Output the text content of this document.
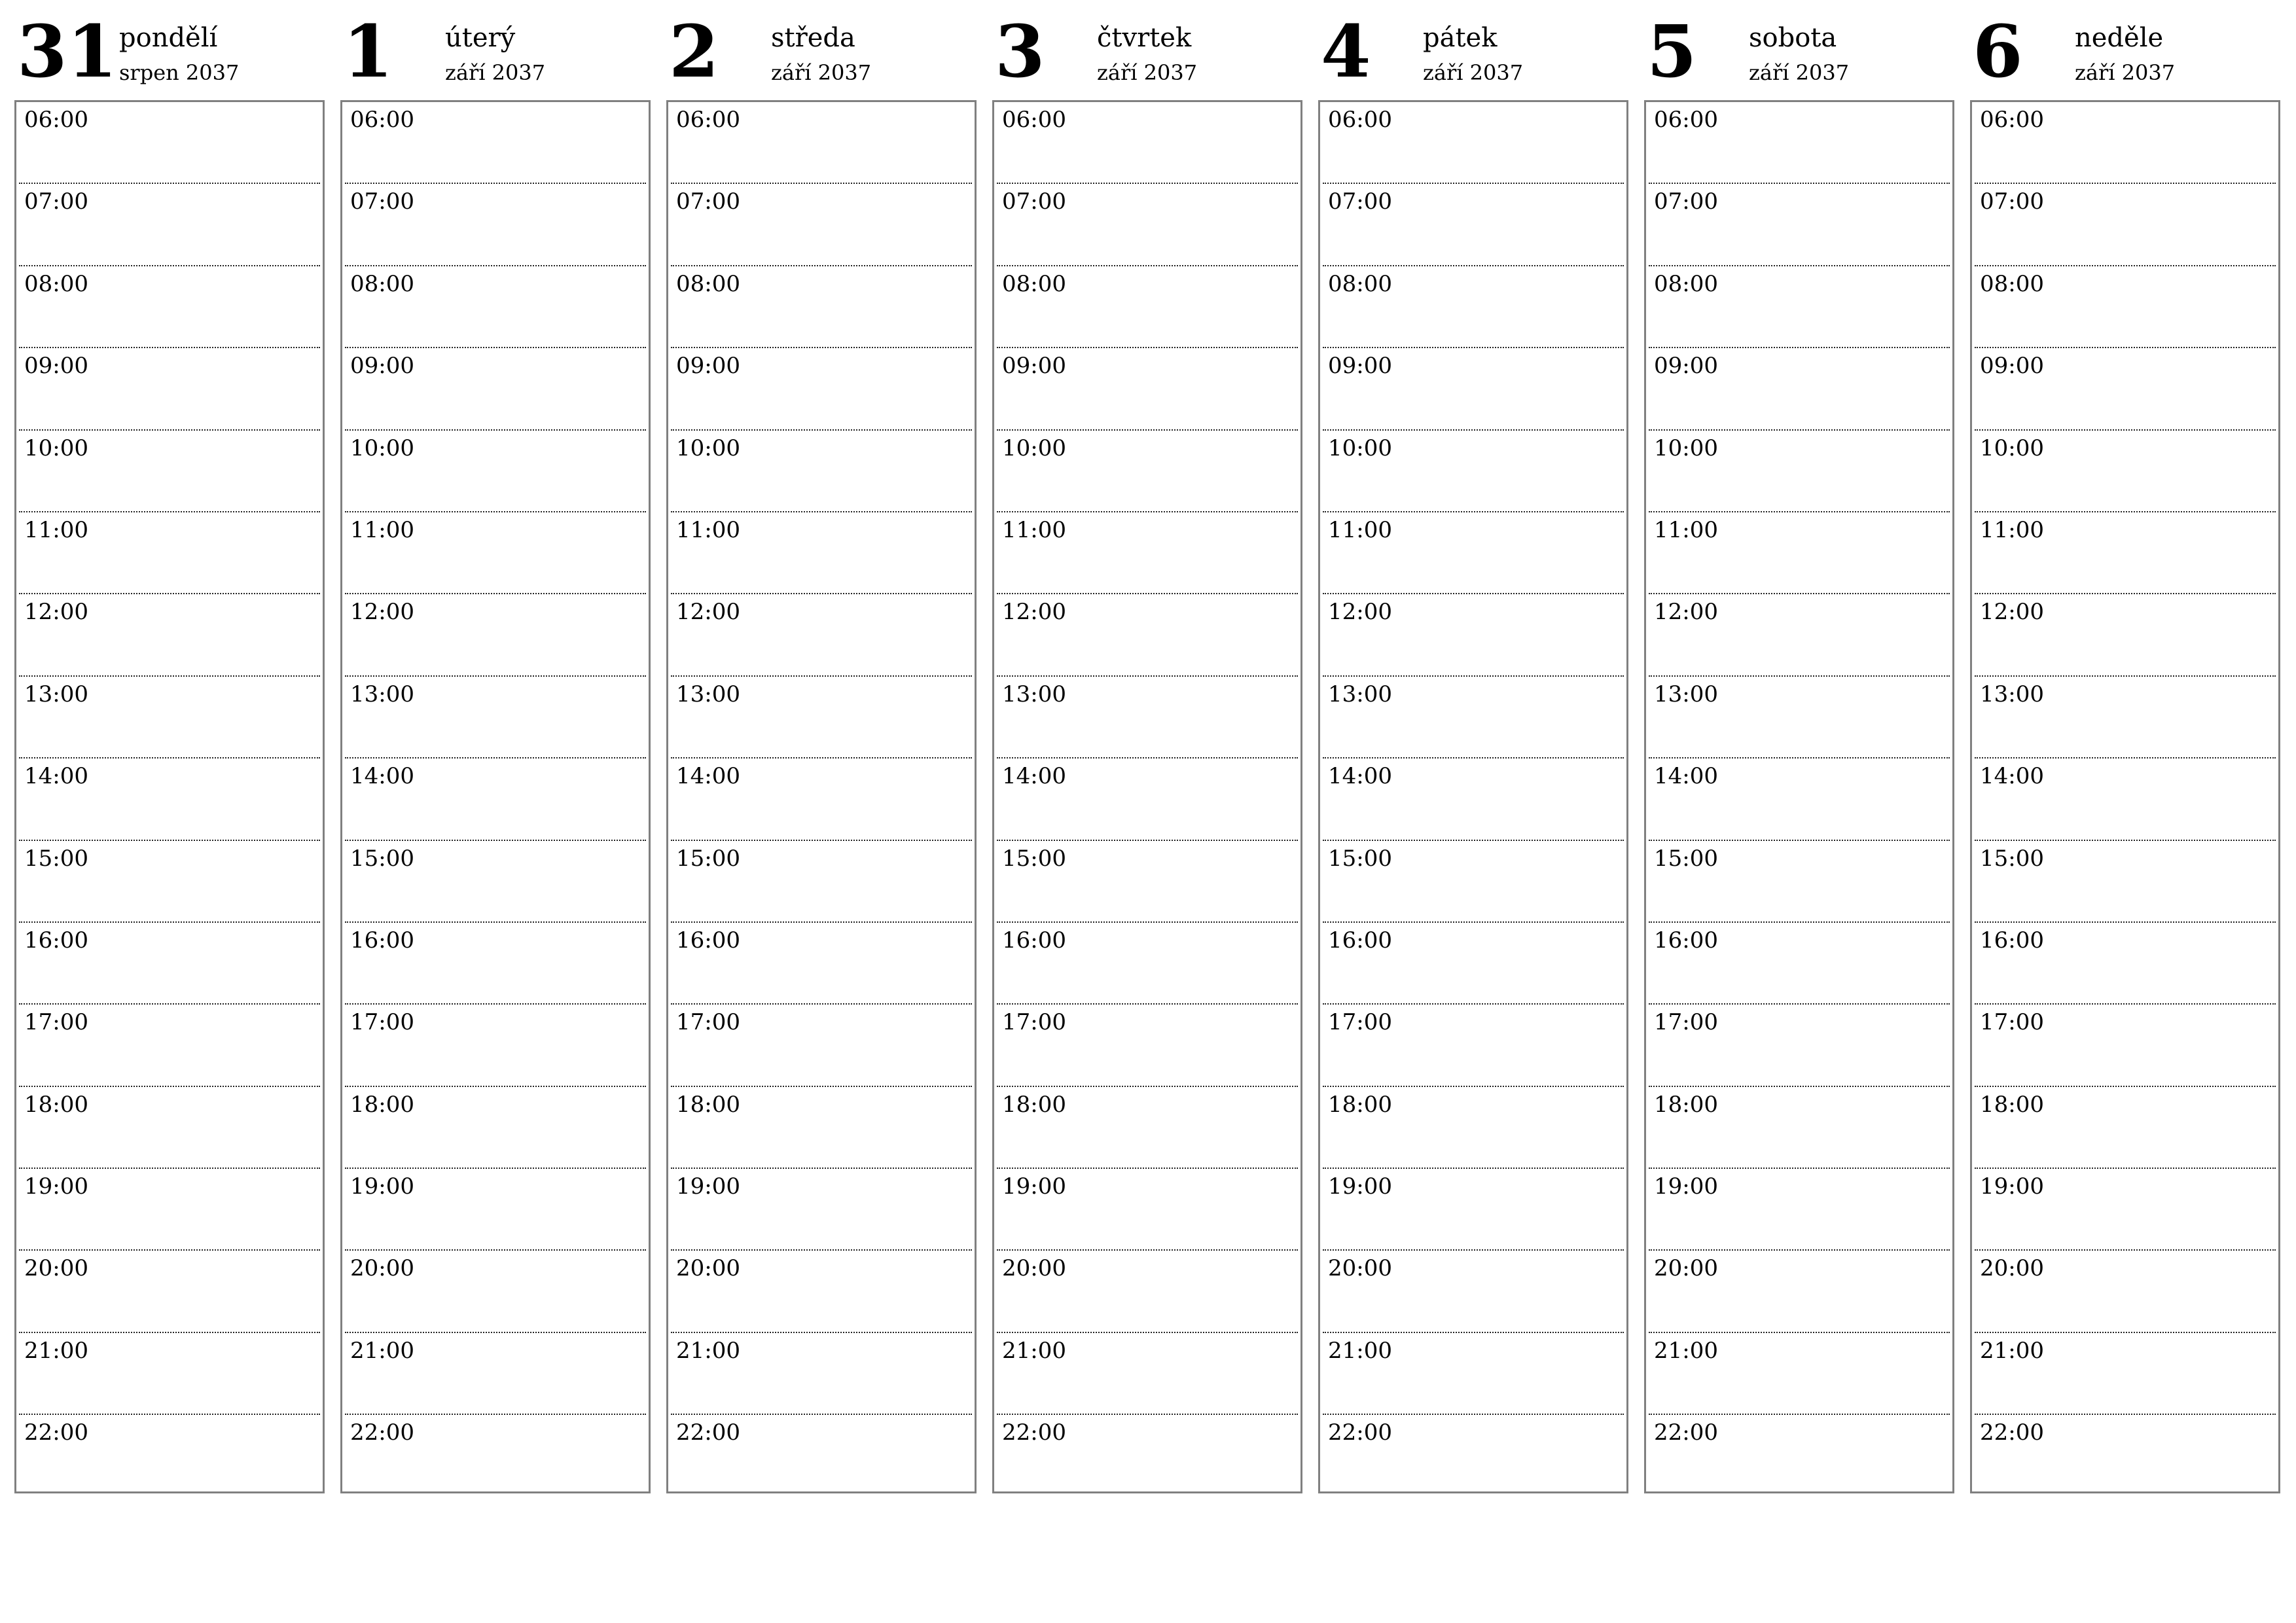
31 pondělí
srpen 2037
06:00
07:00
08:00
09:00
10:00
11:00
12:00
13:00
14:00
15:00
16:00
17:00
18:00
19:00
20:00
21:00
22:00
1 úterý
září 2037
06:00
07:00
08:00
09:00
10:00
11:00
12:00
13:00
14:00
15:00
16:00
17:00
18:00
19:00
20:00
21:00
22:00
2 středa
září 2037
06:00
07:00
08:00
09:00
10:00
11:00
12:00
13:00
14:00
15:00
16:00
17:00
18:00
19:00
20:00
21:00
22:00
3 čtvrtek
září 2037
06:00
07:00
08:00
09:00
10:00
11:00
12:00
13:00
14:00
15:00
16:00
17:00
18:00
19:00
20:00
21:00
22:00
4 pátek
září 2037
06:00
07:00
08:00
09:00
10:00
11:00
12:00
13:00
14:00
15:00
16:00
17:00
18:00
19:00
20:00
21:00
22:00
5 sobota
září 2037
06:00
07:00
08:00
09:00
10:00
11:00
12:00
13:00
14:00
15:00
16:00
17:00
18:00
19:00
20:00
21:00
22:00
6 neděle
září 2037
06:00
07:00
08:00
09:00
10:00
11:00
12:00
13:00
14:00
15:00
16:00
17:00
18:00
19:00
20:00
21:00
22:00
